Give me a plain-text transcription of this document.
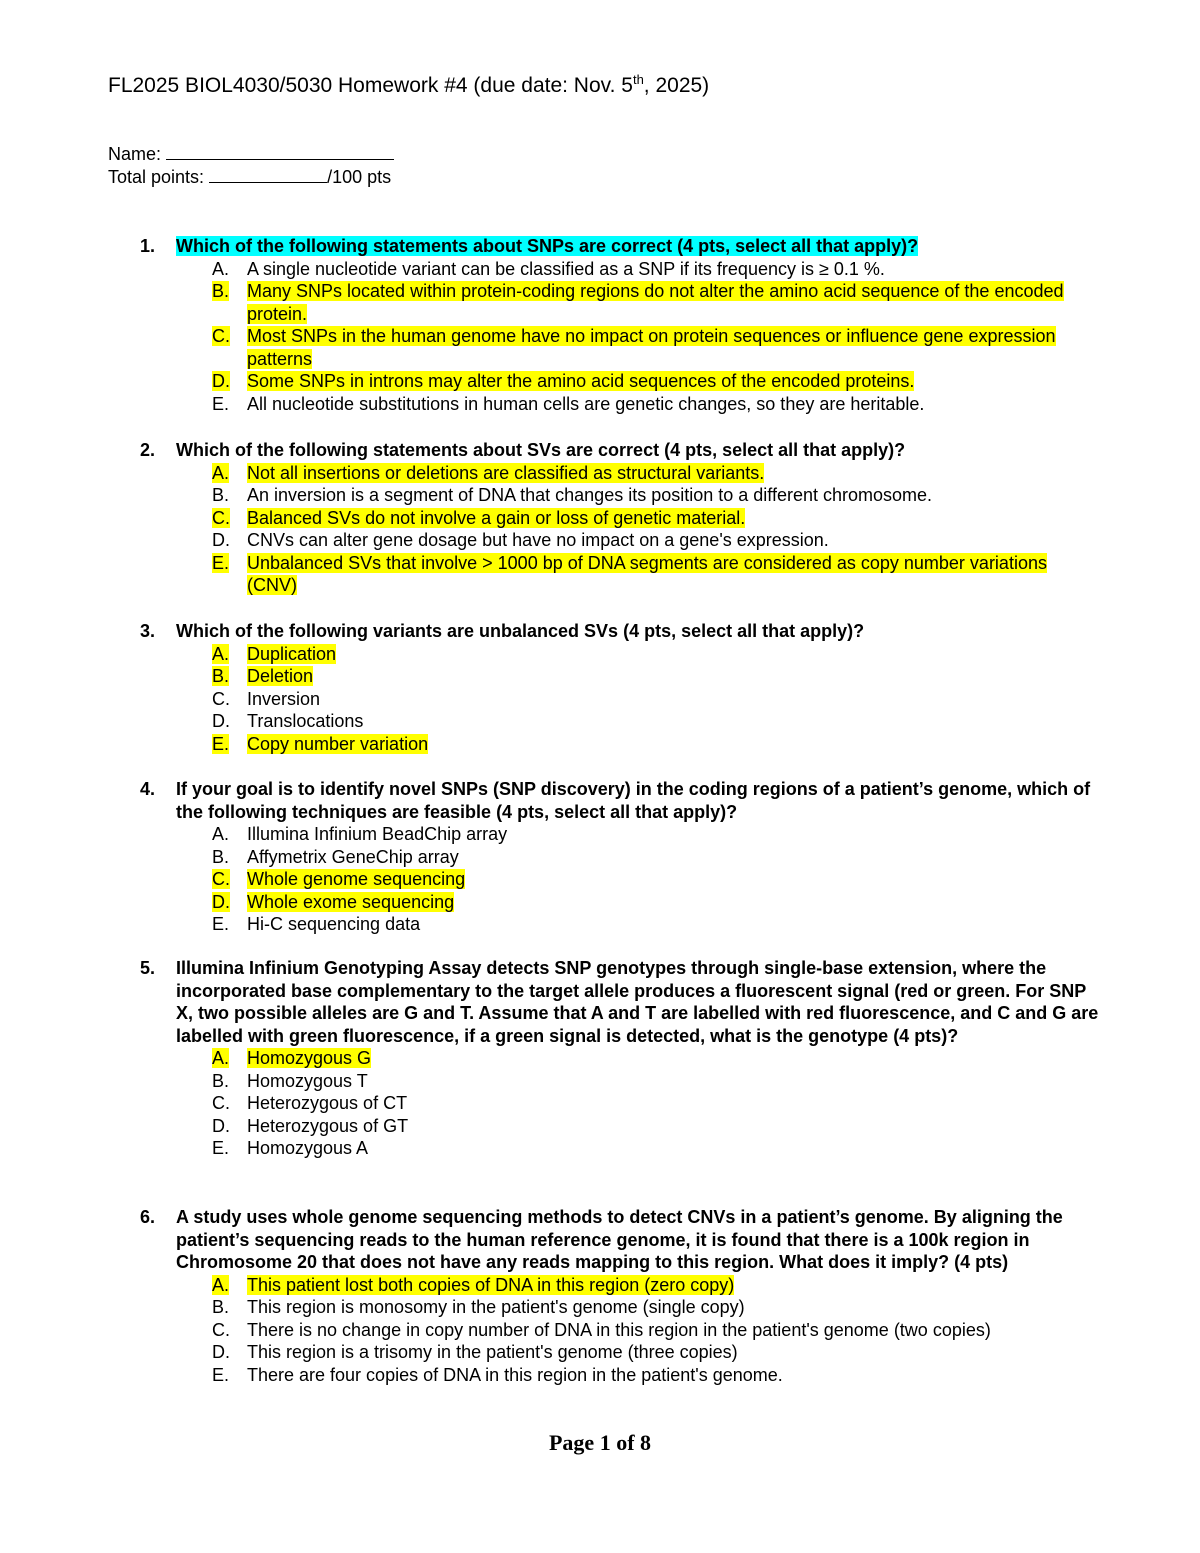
FL2025 BIOL4030/5030 Homework #4 (due date: Nov. 5th, 2025)
Name:
Total points:	/100 pts
1.	Which of the following statements about SNPs are correct (4 pts, select all that apply)?
A. A single nucleotide variant can be classified as a SNP if its frequency is ≥ 0.1 %.
B. Many SNPs located within protein-coding regions do not alter the amino acid sequence of the encoded protein.
C. Most SNPs in the human genome have no impact on protein sequences or influence gene expression patterns
D. Some SNPs in introns may alter the amino acid sequences of the encoded proteins.
E. All nucleotide substitutions in human cells are genetic changes, so they are heritable.
2.	Which of the following statements about SVs are correct (4 pts, select all that apply)?
A. Not all insertions or deletions are classified as structural variants.
B. An inversion is a segment of DNA that changes its position to a different chromosome.
C. Balanced SVs do not involve a gain or loss of genetic material.
D. CNVs can alter gene dosage but have no impact on a gene's expression.
E. Unbalanced SVs that involve > 1000 bp of DNA segments are considered as copy number variations (CNV)
3.	Which of the following variants are unbalanced SVs (4 pts, select all that apply)?
A. Duplication
B. Deletion
C. Inversion
D. Translocations
E. Copy number variation
4.	If your goal is to identify novel SNPs (SNP discovery) in the coding regions of a patient’s genome, which of the following techniques are feasible (4 pts, select all that apply)?
A. Illumina Infinium BeadChip array
B. Affymetrix GeneChip array
C. Whole genome sequencing
D. Whole exome sequencing
E. Hi-C sequencing data
5.	Illumina Infinium Genotyping Assay detects SNP genotypes through single-base extension, where the incorporated base complementary to the target allele produces a fluorescent signal (red or green. For SNP X, two possible alleles are G and T. Assume that A and T are labelled with red fluorescence, and C and G are labelled with green fluorescence, if a green signal is detected, what is the genotype (4 pts)?
A. Homozygous G
B. Homozygous T
C. Heterozygous of CT
D. Heterozygous of GT
E. Homozygous A
6.	A study uses whole genome sequencing methods to detect CNVs in a patient’s genome. By aligning the patient’s sequencing reads to the human reference genome, it is found that there is a 100k region in Chromosome 20 that does not have any reads mapping to this region. What does it imply? (4 pts)
A. This patient lost both copies of DNA in this region (zero copy)
B. This region is monosomy in the patient's genome (single copy)
C. There is no change in copy number of DNA in this region in the patient's genome (two copies)
D. This region is a trisomy in the patient's genome (three copies)
E. There are four copies of DNA in this region in the patient's genome.
Page 1 of 8
